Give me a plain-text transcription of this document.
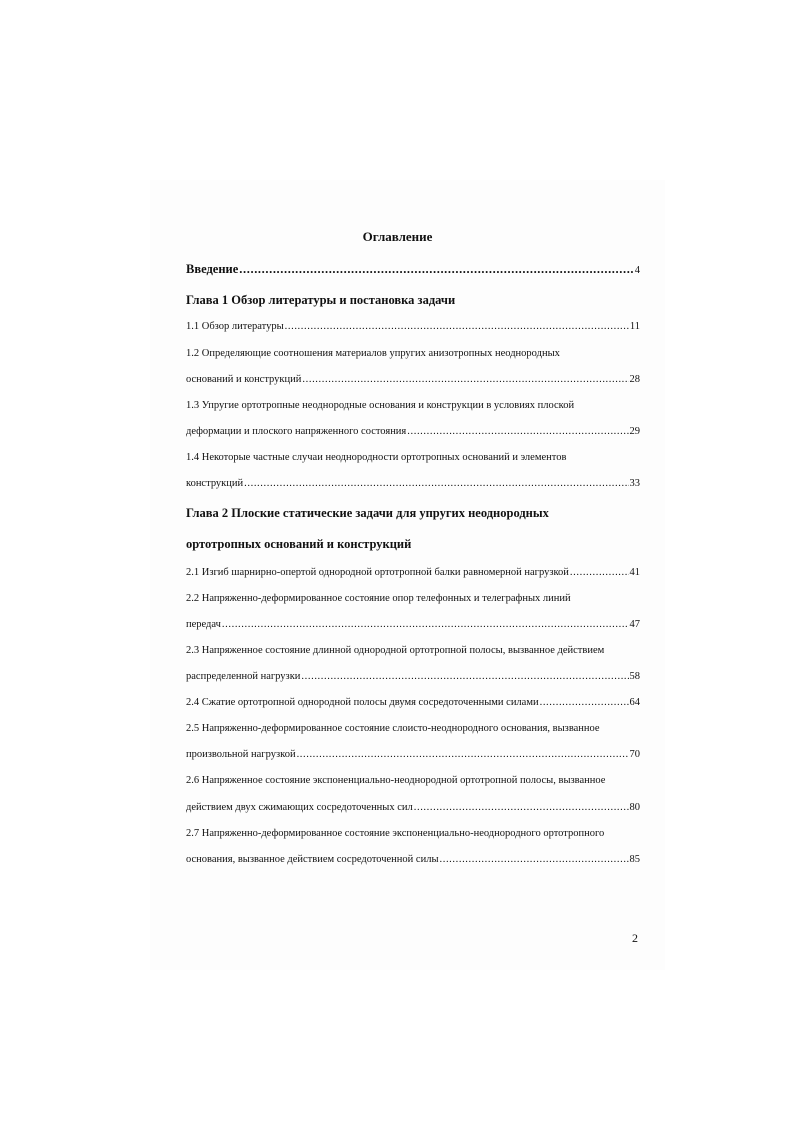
Оглавление
Введение .....	4
Глава 1 Обзор литературы и постановка задачи
1.1 Обзор литературы .....	11
1.2 Определяющие соотношения материалов упругих анизотропных неоднородных
оснований и конструкций .....	28
1.3 Упругие ортотропные неоднородные основания и конструкции в условиях плоской
деформации и плоского напряженного состояния .....	29
1.4 Некоторые частные случаи неоднородности ортотропных оснований и элементов
конструкций .....	33
Глава 2 Плоские статические задачи для упругих неоднородных
ортотропных оснований и конструкций
2.1 Изгиб шарнирно-опертой однородной ортотропной балки равномерной нагрузкой .....	41
2.2 Напряженно-деформированное состояние опор телефонных и телеграфных линий
передач .....	47
2.3 Напряженное состояние длинной однородной ортотропной полосы, вызванное действием
распределенной нагрузки .....	58
2.4 Сжатие ортотропной однородной полосы двумя сосредоточенными силами .....	64
2.5 Напряженно-деформированное состояние слоисто-неоднородного основания, вызванное
произвольной нагрузкой .....	70
2.6 Напряженное состояние экспоненциально-неоднородной ортотропной полосы, вызванное
действием двух сжимающих сосредоточенных сил .....	80
2.7 Напряженно-деформированное состояние экспоненциально-неоднородного ортотропного
основания, вызванное действием сосредоточенной силы .....	85
2
